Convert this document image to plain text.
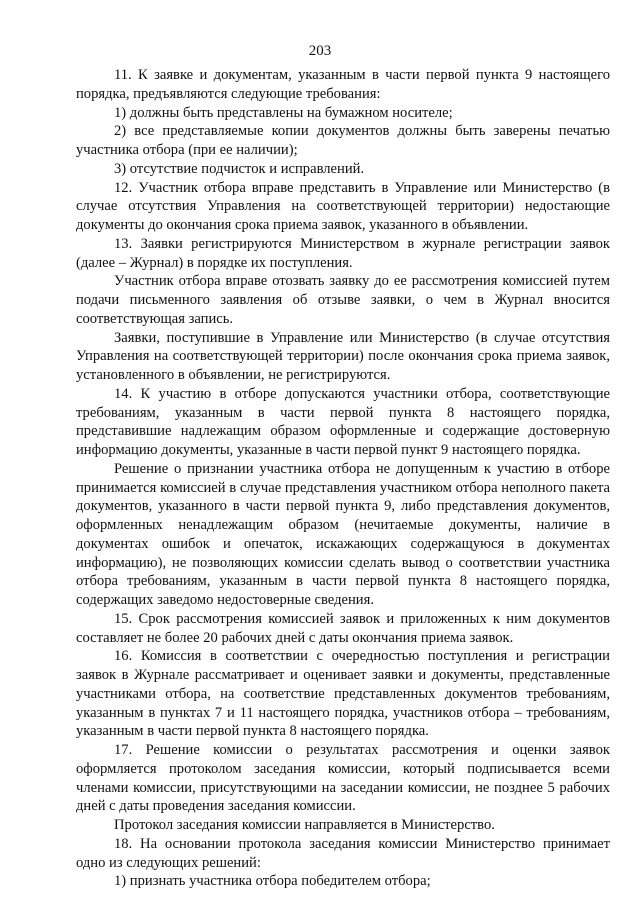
203

11. К заявке и документам, указанным в части первой пункта 9 настоящего порядка, предъявляются следующие требования:

1) должны быть представлены на бумажном носителе;

2) все представляемые копии документов должны быть заверены печатью участника отбора (при ее наличии);

3) отсутствие подчисток и исправлений.

12. Участник отбора вправе представить в Управление или Министерство (в случае отсутствия Управления на соответствующей территории) недостающие документы до окончания срока приема заявок, указанного в объявлении.

13. Заявки регистрируются Министерством в журнале регистрации заявок (далее – Журнал) в порядке их поступления.

Участник отбора вправе отозвать заявку до ее рассмотрения комиссией путем подачи письменного заявления об отзыве заявки, о чем в Журнал вносится соответствующая запись.

Заявки, поступившие в Управление или Министерство (в случае отсутствия Управления на соответствующей территории) после окончания срока приема заявок, установленного в объявлении, не регистрируются.

14. К участию в отборе допускаются участники отбора, соответствующие требованиям, указанным в части первой пункта 8 настоящего порядка, представившие надлежащим образом оформленные и содержащие достоверную информацию документы, указанные в части первой пункт 9 настоящего порядка.

Решение о признании участника отбора не допущенным к участию в отборе принимается комиссией в случае представления участником отбора неполного пакета документов, указанного в части первой пункта 9, либо представления документов, оформленных ненадлежащим образом (нечитаемые документы, наличие в документах ошибок и опечаток, искажающих содержащуюся в документах информацию), не позволяющих комиссии сделать вывод о соответствии участника отбора требованиям, указанным в части первой пункта 8 настоящего порядка, содержащих заведомо недостоверные сведения.

15. Срок рассмотрения комиссией заявок и приложенных к ним документов составляет не более 20 рабочих дней с даты окончания приема заявок.

16. Комиссия в соответствии с очередностью поступления и регистрации заявок в Журнале рассматривает и оценивает заявки и документы, представленные участниками отбора, на соответствие представленных документов требованиям, указанным в пунктах 7 и 11 настоящего порядка, участников отбора – требованиям, указанным в части первой пункта 8 настоящего порядка.

17. Решение комиссии о результатах рассмотрения и оценки заявок оформляется протоколом заседания комиссии, который подписывается всеми членами комиссии, присутствующими на заседании комиссии, не позднее 5 рабочих дней с даты проведения заседания комиссии.

Протокол заседания комиссии направляется в Министерство.

18. На основании протокола заседания комиссии Министерство принимает одно из следующих решений:

1) признать участника отбора победителем отбора;
